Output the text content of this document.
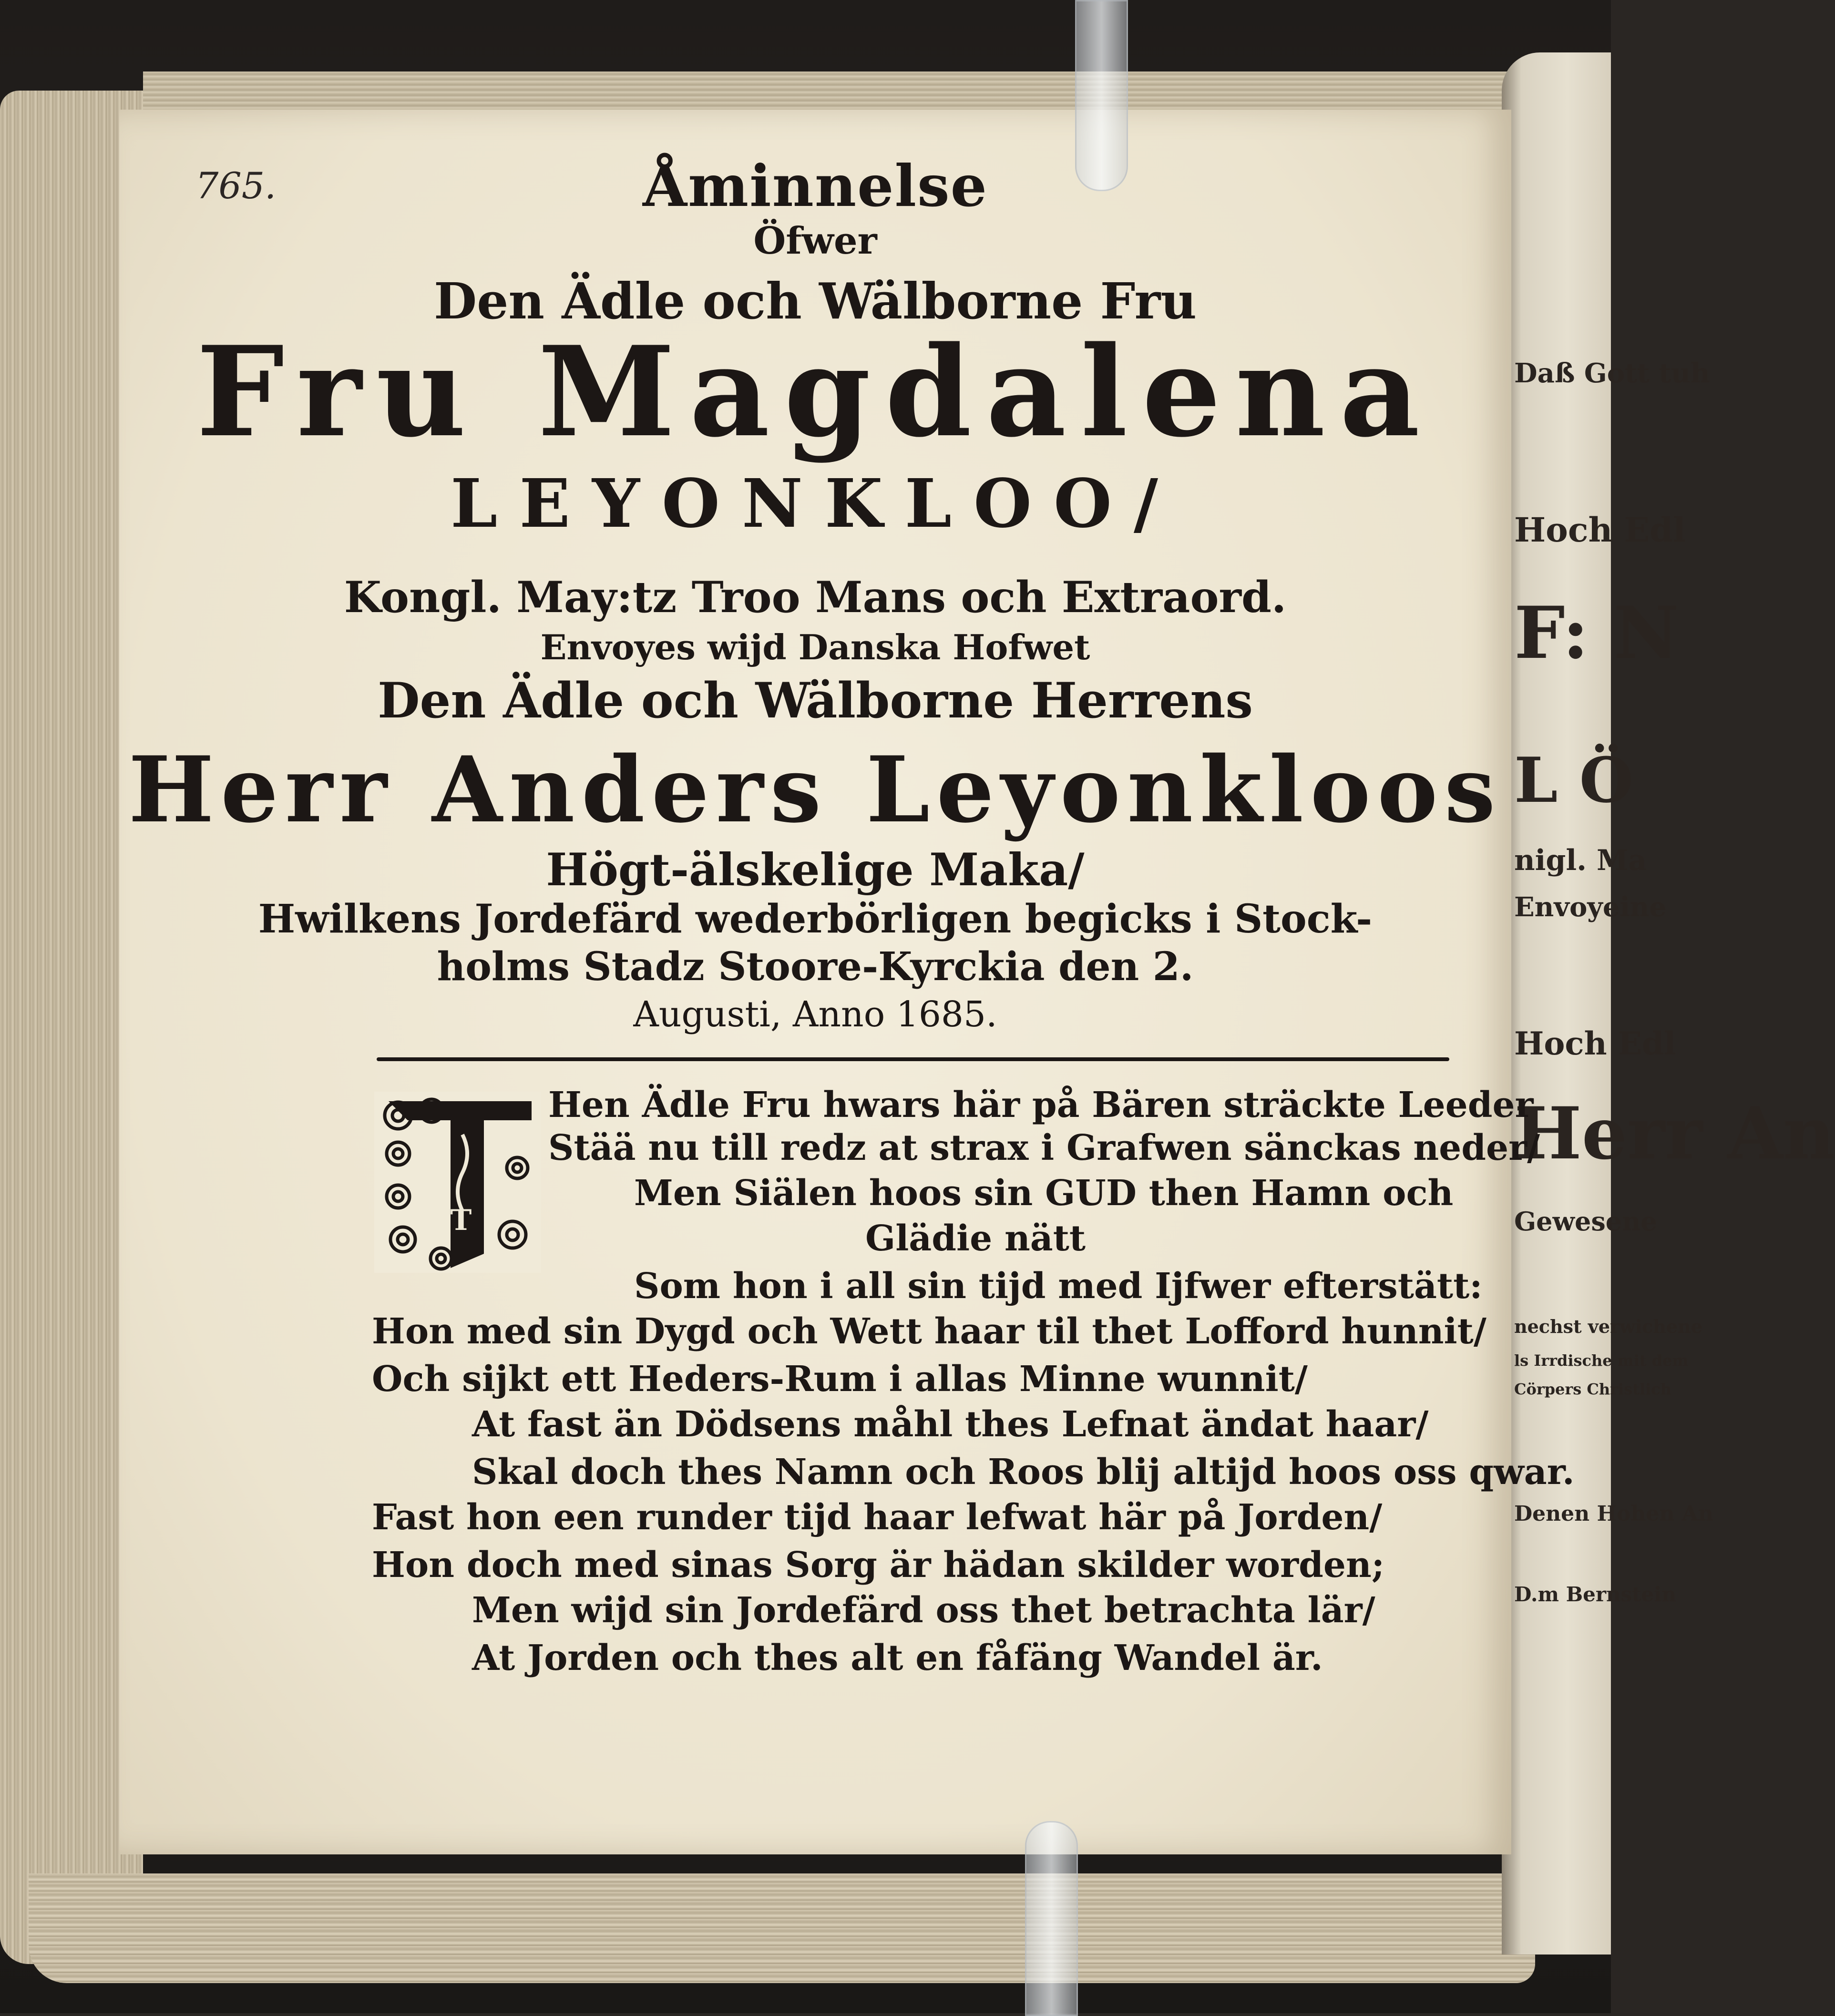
Daß Gott tuh
Hoch Edl
F: N
L Ö
nigl. Ma
Envoyeine
Hoch Edl
Herr An
Gewesene
nechst verwichene
ls Irrdische mit dem
Cörpers Christlich
Denen Hohen An
D.m Bernstein
765.	Åminnelse
Öfwer
Den Ädle och Wälborne Fru
Fru Magdalena
LEYONKLOO/
Kongl. May:tz Troo Mans och Extraord.
Envoyes wijd Danska Hofwet
Den Ädle och Wälborne Herrens
Herr Anders Leyonkloos
Högt-älskelige Maka/
Hwilkens Jordefärd wederbörligen begicks i Stock-
holms Stadz Stoore-Kyrckia den 2.
Augusti, Anno 1685.
T
Hen Ädle Fru hwars här på Bären sträckte Leeder
Stää nu till redz at strax i Grafwen sänckas neder/
Men Siälen hoos sin GUD then Hamn och
Glädie nätt
Som hon i all sin tijd med Ijfwer efterstätt:
Hon med sin Dygd och Wett haar til thet Lofford hunnit/
Och sijkt ett Heders-Rum i allas Minne wunnit/
At fast än Dödsens måhl thes Lefnat ändat haar/
Skal doch thes Namn och Roos blij altijd hoos oss qwar.
Fast hon een runder tijd haar lefwat här på Jorden/
Hon doch med sinas Sorg är hädan skilder worden;
Men wijd sin Jordefärd oss thet betrachta lär/
At Jorden och thes alt en fåfäng Wandel är.
